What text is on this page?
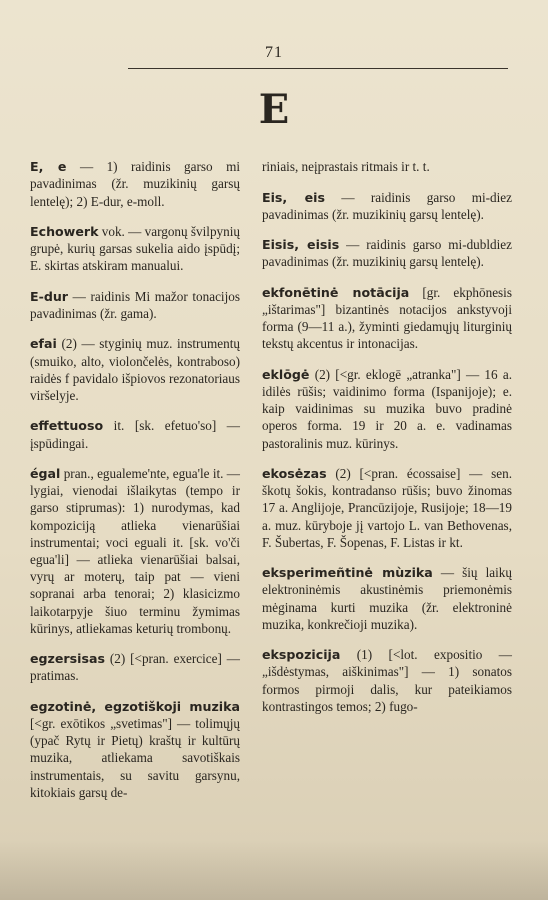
71
E

E, e — 1) raidinis garso mi pavadinimas (žr. muzikinių garsų lentelę); 2) E-dur, e-moll.

Echowerk vok. — vargonų švilpynių grupė, kurių garsas sukelia aido įspūdį; E. skirtas atskiram manualui.

E-dur — raidinis Mi mažor tonacijos pavadinimas (žr. gama).

efai (2) — styginių muz. instrumentų (smuiko, alto, violončelės, kontraboso) raidės f pavidalo išpiovos rezonatoriaus viršelyje.

effettuoso it. [sk. efetuo'so] — įspūdingai.

égal pran., egualeme'nte, egua'le it. — lygiai, vienodai išlaikytas (tempo ir garso stiprumas): 1) nurodymas, kad kompoziciją atlieka vienarūšiai instrumentai; voci eguali it. [sk. vo'či egua'li] — atlieka vienarūšiai balsai, vyrų ar moterų, taip pat — vieni sopranai arba tenorai; 2) klasicizmo laikotarpyje šiuo terminu žymimas kūrinys, atliekamas keturių trombonų.

egzersisas (2) [<pran. exercice] — pratimas.

egzotinė, egzotiškoji muzika [<gr. exōtikos „svetimas"] — tolimųjų (ypač Rytų ir Pietų) kraštų ir kultūrų muzika, atliekama savotiškais instrumentais, su savitu garsynu, kitokiais garsų de-

riniais, neįprastais ritmais ir t. t.

Eis, eis — raidinis garso mi-diez pavadinimas (žr. muzikinių garsų lentelę).

Eisis, eisis — raidinis garso mi-dubldiez pavadinimas (žr. muzikinių garsų lentelę).

ekfonētinė notācija [gr. ekphōnesis „ištarimas"] bizantinės notacijos ankstyvoji forma (9—11 a.), žyminti giedamųjų liturginių tekstų akcentus ir intonacijas.

eklōgė (2) [<gr. eklogē „atranka"] — 16 a. idilės rūšis; vaidinimo forma (Ispanijoje); e. kaip vaidinimas su muzika buvo pradinė operos forma. 19 ir 20 a. e. vadinamas pastoralinis muz. kūrinys.

ekosėzas (2) [<pran. écossaise] — sen. škotų šokis, kontradanso rūšis; buvo žinomas 17 a. Anglijoje, Prancūzijoje, Rusijoje; 18—19 a. muz. kūryboje jį vartojo L. van Bethovenas, F. Šubertas, F. Šopenas, F. Listas ir kt.

eksperimeñtinė mùzika — šių laikų elektroninėmis akustinėmis priemonėmis mėginama kurti muzika (žr. elektroninė muzika, konkrečioji muzika).

ekspozicija (1) [<lot. expositio — „išdėstymas, aiškinimas"] — 1) sonatos formos pirmoji dalis, kur pateikiamos kontrastingos temos; 2) fugo-
